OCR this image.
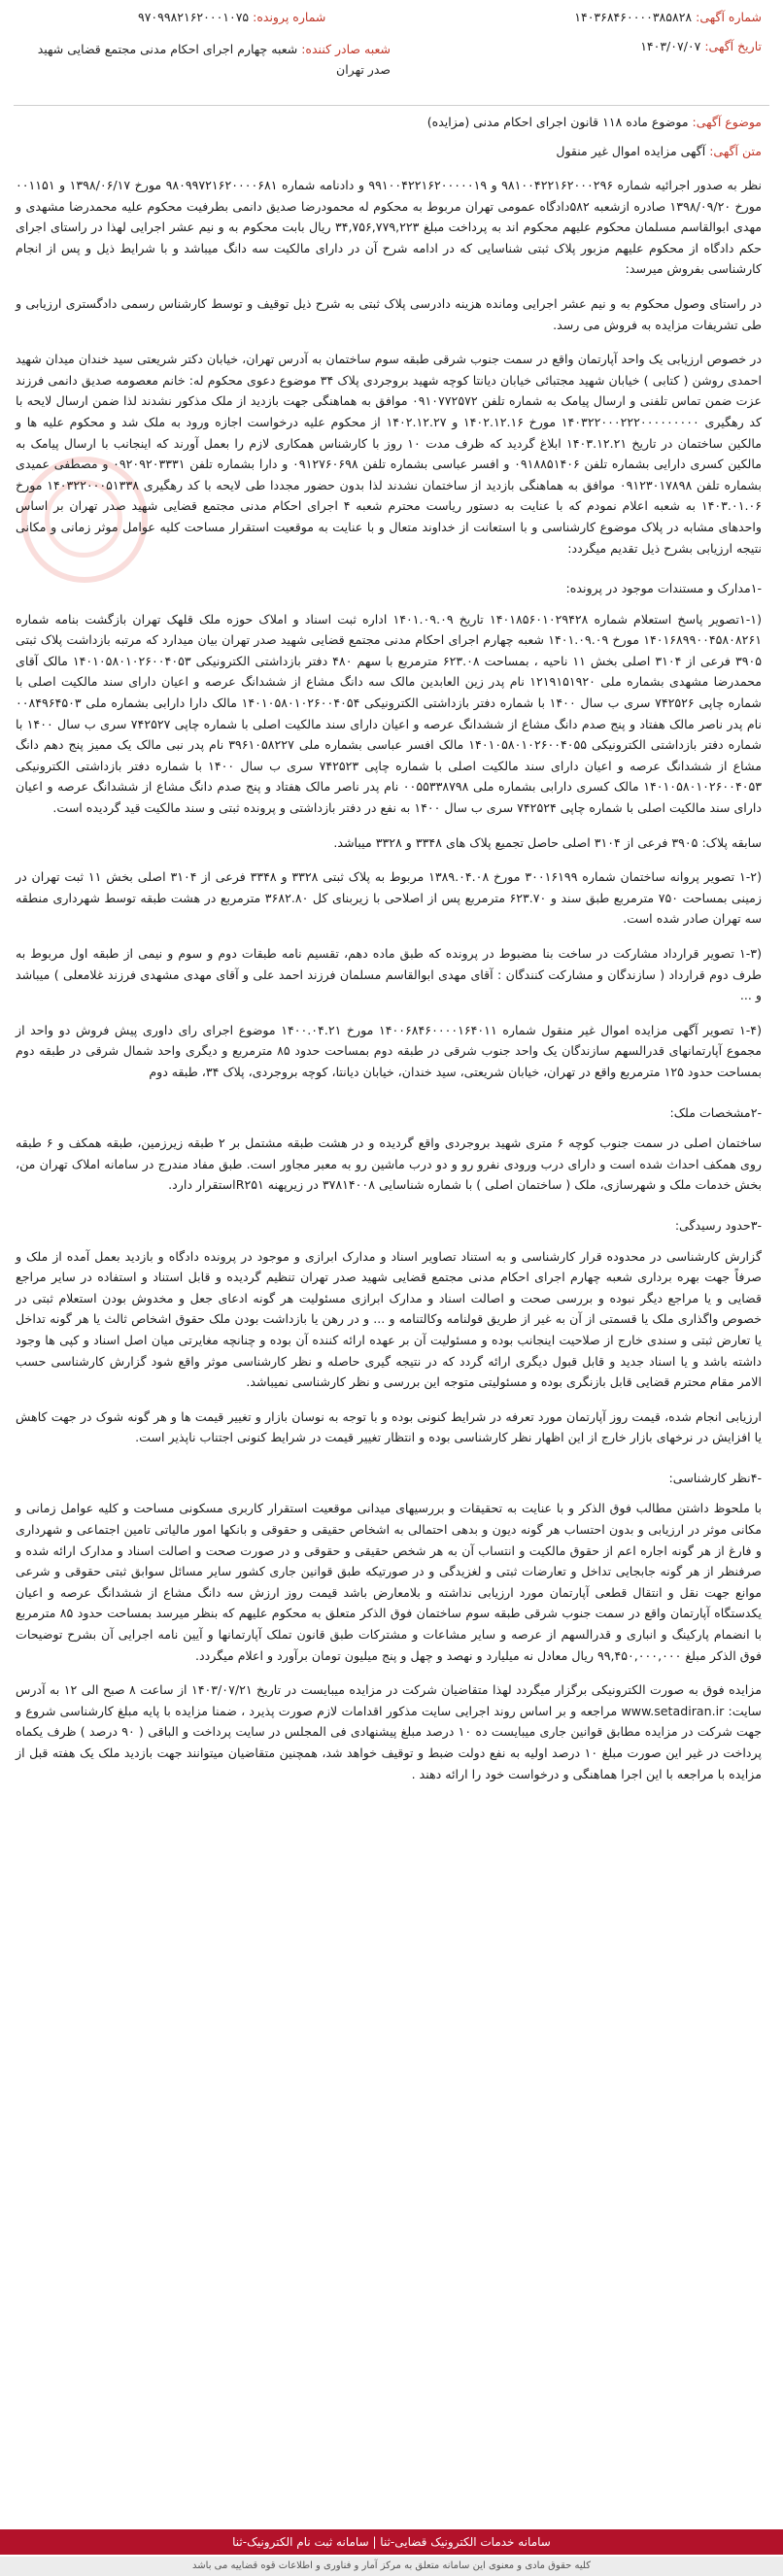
شماره آگهی: ۱۴۰۳۶۸۴۶۰۰۰۰۳۸۵۸۲۸
شماره پرونده: ۹۷۰۹۹۸۲۱۶۲۰۰۰۱۰۷۵
تاریخ آگهی: ۱۴۰۳/۰۷/۰۷
شعبه صادر کننده: شعبه چهارم اجرای احکام مدنی مجتمع قضایی شهید صدر تهران
موضوع آگهی: موضوع ماده ۱۱۸ قانون اجرای احکام مدنی (مزایده)
متن آگهی: آگهی مزایده اموال غیر منقول

نظر به صدور اجرائیه شماره ۹۸۱۰۰۴۲۲۱۶۲۰۰۰۲۹۶ و ۹۹۱۰۰۴۲۲۱۶۲۰۰۰۰۰۱۹ و دادنامه شماره ۹۸۰۹۹۷۲۱۶۲۰۰۰۰۶۸۱ مورخ ۱۳۹۸/۰۶/۱۷ و ۰۰۱۱۵۱ مورخ ۱۳۹۸/۰۹/۲۰ صادره ازشعبه ۵۸۲دادگاه عمومی تهران مربوط به محکوم له محمودرضا صدیق دانمی بطرفیت محکوم علیه محمدرضا مشهدی و مهدی ابوالقاسم مسلمان محکوم علیهم محکوم اند به پرداخت مبلغ ۳۴,۷۵۶,۷۷۹,۲۲۳ ریال بابت محکوم به و نیم عشر اجرایی لهذا در راستای اجرای حکم دادگاه از محکوم علیهم مزبور پلاک ثبتی شناسایی که در ادامه شرح آن در دارای مالکیت سه دانگ میباشد و با شرایط ذیل و پس از انجام کارشناسی بفروش میرسد:

در راستای وصول محکوم به و نیم عشر اجرایی ومانده هزینه دادرسی پلاک ثبتی به شرح ذیل توقیف و توسط کارشناس رسمی دادگستری ارزیابی و طی تشریفات مزایده به فروش می رسد.

در خصوص ارزیابی یک واحد آپارتمان واقع در سمت جنوب شرقی طبقه سوم ساختمان به آدرس تهران، خیابان دکتر شریعتی سید خندان میدان شهید احمدی روشن ( کتابی ) خیابان شهید مجتبائی خیابان دیانتا کوچه شهید بروجردی پلاک ۳۴ موضوع دعوی محکوم له: خانم معصومه صدیق دانمی فرزند عزت ضمن تماس تلفنی و ارسال پیامک به شماره تلفن ۰۹۱۰۷۷۲۵۷۲ موافق به هماهنگی جهت بازدید از ملک مذکور نشدند لذا ضمن ارسال لایحه با کد رهگیری ۱۴۰۳۲۲۰۰۰۲۲۲۰۰۰۰۰۰۰۰۰ مورخ ۱۴۰۲.۱۲.۱۶ و ۱۴۰۲.۱۲.۲۷ از محکوم علیه درخواست اجازه ورود به ملک شد و محکوم علیه ها و مالکین ساختمان در تاریخ ۱۴۰۳.۱۲.۲۱ ابلاغ گردید که ظرف مدت ۱۰ روز با کارشناس همکاری لازم را بعمل آورند که اینجانب با ارسال پیامک به مالکین کسری دارایی بشماره تلفن ۰۹۱۸۸۵۱۴۰۶ و افسر عباسی بشماره تلفن ۰۹۱۲۷۶۰۶۹۸ و دارا بشماره تلفن ۰۹۲۰۹۲۰۳۳۳۱ و مصطفی عمیدی بشماره تلفن ۰۹۱۲۳۰۱۷۸۹۸ موافق به هماهنگی بازدید از ساختمان نشدند لذا بدون حضور مجددا طی لایحه با کد رهگیری ۱۴۰۳۲۲۰۰۰۵۱۳۳۸ مورخ ۱۴۰۳.۰۱.۰۶ به شعبه اعلام نمودم که با عنایت به دستور ریاست محترم شعبه ۴ اجرای احکام مدنی مجتمع قضایی شهید صدر تهران بر اساس واحدهای مشابه در پلاک موضوع کارشناسی و با استعانت از خداوند متعال و با عنایت به موقعیت استقرار مساحت کلیه عوامل موثر زمانی و مکانی نتیجه ارزیابی بشرح ذیل تقدیم میگردد:

-۱مدارک و مستندات موجود در پرونده:

(۱-۱تصویر پاسخ استعلام شماره ۱۴۰۱۸۵۶۰۱۰۲۹۴۲۸ تاریخ ۱۴۰۱.۰۹.۰۹ اداره ثبت اسناد و املاک حوزه ملک قلهک تهران بازگشت بنامه شماره ۱۴۰۱۶۸۹۹۰۰۴۵۸۰۸۲۶۱ مورخ ۱۴۰۱.۰۹.۰۹ شعبه چهارم اجرای احکام مدنی مجتمع قضایی شهید صدر تهران بیان میدارد که مرتبه بازداشت پلاک ثبتی ۳۹۰۵ فرعی از ۳۱۰۴ اصلی بخش ۱۱ ناحیه ، بمساحت ۶۲۳.۰۸ مترمربع با سهم ۴۸۰ دفتر بازداشتی الکترونیکی ۱۴۰۱۰۵۸۰۱۰۲۶۰۰۴۰۵۳ مالک آقای محمدرضا مشهدی بشماره ملی ۱۲۱۹۱۵۱۹۲۰ نام پدر زین العابدین مالک سه دانگ مشاع از ششدانگ عرصه و اعیان دارای سند مالکیت اصلی با شماره چاپی ۷۴۲۵۲۶ سری ب سال ۱۴۰۰ با شماره دفتر بازداشتی الکترونیکی ۱۴۰۱۰۵۸۰۱۰۲۶۰۰۴۰۵۴ مالک دارا دارابی بشماره ملی ۰۰۸۴۹۶۴۵۰۳ نام پدر ناصر مالک هفتاد و پنج صدم دانگ مشاع از ششدانگ عرصه و اعیان دارای سند مالکیت اصلی با شماره چاپی ۷۴۲۵۲۷ سری ب سال ۱۴۰۰ با شماره دفتر بازداشتی الکترونیکی ۱۴۰۱۰۵۸۰۱۰۲۶۰۰۴۰۵۵ مالک افسر عباسی بشماره ملی ۳۹۶۱۰۵۸۲۲۷ نام پدر نبی مالک یک ممیز پنج دهم دانگ مشاع از ششدانگ عرصه و اعیان دارای سند مالکیت اصلی با شماره چاپی ۷۴۲۵۲۳ سری ب سال ۱۴۰۰ با شماره دفتر بازداشتی الکترونیکی ۱۴۰۱۰۵۸۰۱۰۲۶۰۰۴۰۵۳ مالک کسری دارابی بشماره ملی ۰۰۵۵۳۳۸۷۹۸ نام پدر ناصر مالک هفتاد و پنج صدم دانگ مشاع از ششدانگ عرصه و اعیان دارای سند مالکیت اصلی با شماره چاپی ۷۴۲۵۲۴ سری ب سال ۱۴۰۰ به نفع در دفتر بازداشتی و پرونده ثبتی و سند مالکیت قید گردیده است.

سابقه پلاک: ۳۹۰۵ فرعی از ۳۱۰۴ اصلی حاصل تجمیع پلاک های ۳۳۴۸ و ۳۳۲۸ میباشد.

(۱-۲ تصویر پروانه ساختمان شماره ۳۰۰۱۶۱۹۹ مورخ ۱۳۸۹.۰۴.۰۸ مربوط به پلاک ثبتی ۳۳۲۸ و ۳۳۴۸ فرعی از ۳۱۰۴ اصلی بخش ۱۱ ثبت تهران در زمینی بمساحت ۷۵۰ مترمربع طبق سند و ۶۲۳.۷۰ مترمربع پس از اصلاحی با زیربنای کل ۳۶۸۲.۸۰ مترمربع در هشت طبقه توسط شهرداری منطقه سه تهران صادر شده است.

(۱-۳ تصویر قرارداد مشارکت در ساخت بنا مضبوط در پرونده که طبق ماده دهم، تقسیم نامه طبقات دوم و سوم و نیمی از طبقه اول مربوط به طرف دوم قرارداد ( سازندگان و مشارکت کنندگان : آقای مهدی ابوالقاسم مسلمان فرزند احمد علی و آقای مهدی مشهدی فرزند غلامعلی ) میباشد و ...

(۱-۴ تصویر آگهی مزایده اموال غیر منقول شماره ۱۴۰۰۶۸۴۶۰۰۰۰۱۶۴۰۱۱ مورخ ۱۴۰۰.۰۴.۲۱ موضوع اجرای رای داوری پیش فروش دو واحد از مجموع آپارتمانهای قدرالسهم سازندگان یک واحد جنوب شرقی در طبقه دوم بمساحت حدود ۸۵ مترمربع و دیگری واحد شمال شرقی در طبقه دوم بمساحت حدود ۱۲۵ مترمربع واقع در تهران، خیابان شریعتی، سید خندان، خیابان دیانتا، کوچه بروجردی، پلاک ۳۴، طبقه دوم

-۲مشخصات ملک:

ساختمان اصلی در سمت جنوب کوچه ۶ متری شهید بروجردی واقع گردیده و در هشت طبقه مشتمل بر ۲ طبقه زیرزمین، طبقه همکف و ۶ طبقه روی همکف احداث شده است و دارای درب ورودی نفرو رو و دو درب ماشین رو به معبر مجاور است. طبق مفاد مندرج در سامانه املاک تهران من، بخش خدمات ملک و شهرسازی، ملک ( ساختمان اصلی ) با شماره شناسایی ۳۷۸۱۴۰۰۸ در زیرپهنه R۲۵۱استقرار دارد.

-۳حدود رسیدگی:

گزارش کارشناسی در محدوده قرار کارشناسی و به استناد تصاویر اسناد و مدارک ابرازی و موجود در پرونده دادگاه و بازدید بعمل آمده از ملک و صرفاً جهت بهره برداری شعبه چهارم اجرای احکام مدنی مجتمع قضایی شهید صدر تهران تنظیم گردیده و قابل استناد و استفاده در سایر مراجع قضایی و یا مراجع دیگر نبوده و بررسی صحت و اصالت اسناد و مدارک ابرازی مسئولیت هر گونه ادعای جعل و مخدوش بودن استعلام ثبتی در خصوص واگذاری ملک یا قسمتی از آن به غیر از طریق قولنامه وکالتنامه و ... و در رهن یا بازداشت بودن ملک حقوق اشخاص ثالث یا هر گونه تداخل یا تعارض ثبتی و سندی خارج از صلاحیت اینجانب بوده و مسئولیت آن بر عهده ارائه کننده آن بوده و چنانچه مغایرتی میان اصل اسناد و کپی ها وجود داشته باشد و یا اسناد جدید و قابل قبول دیگری ارائه گردد که در نتیجه گیری حاصله و نظر کارشناسی موثر واقع شود گزارش کارشناسی حسب الامر مقام محترم قضایی قابل بازنگری بوده و مسئولیتی متوجه این بررسی و نظر کارشناسی نمیباشد.

ارزیابی انجام شده، قیمت روز آپارتمان مورد تعرفه در شرایط کنونی بوده و با توجه به نوسان بازار و تغییر قیمت ها و هر گونه شوک در جهت کاهش یا افزایش در نرخهای بازار خارج از این اظهار نظر کارشناسی بوده و انتظار تغییر قیمت در شرایط کنونی اجتناب ناپذیر است.

-۴نظر کارشناسی:

با ملحوظ داشتن مطالب فوق الذکر و با عنایت به تحقیقات و بررسیهای میدانی موقعیت استقرار کاربری مسکونی مساحت و کلیه عوامل زمانی و مکانی موثر در ارزیابی و بدون احتساب هر گونه دیون و بدهی احتمالی به اشخاص حقیقی و حقوقی و بانکها امور مالیاتی تامین اجتماعی و شهرداری و فارغ از هر گونه اجاره اعم از حقوق مالکیت و انتساب آن به هر شخص حقیقی و حقوقی و در صورت صحت و اصالت اسناد و مدارک ارائه شده و صرفنظر از هر گونه جابجایی تداخل و تعارضات ثبتی و لغزیدگی و در صورتیکه طبق قوانین جاری کشور سایر مسائل سوابق ثبتی حقوقی و شرعی موانع جهت نقل و انتقال قطعی آپارتمان مورد ارزیابی نداشته و بلامعارض باشد قیمت روز ارزش سه دانگ مشاع از ششدانگ عرصه و اعیان یکدستگاه آپارتمان واقع در سمت جنوب شرقی طبقه سوم ساختمان فوق الذکر متعلق به محکوم علیهم که بنظر میرسد بمساحت حدود ۸۵ مترمربع با انضمام پارکینگ و انباری و قدرالسهم از عرصه و سایر مشاعات و مشترکات طبق قانون تملک آپارتمانها و آیین نامه اجرایی آن بشرح توضیحات فوق الذکر مبلغ ۹۹,۴۵۰,۰۰۰,۰۰۰ ریال معادل نه میلیارد و نهصد و چهل و پنج میلیون تومان برآورد و اعلام میگردد.

مزایده فوق به صورت الکترونیکی برگزار میگردد لهذا متقاضیان شرکت در مزایده میبایست در تاریخ ۱۴۰۳/۰۷/۲۱ از ساعت ۸ صبح الی ۱۲ به آدرس سایت: www.setadiran.ir مراجعه و بر اساس روند اجرایی سایت مذکور اقدامات لازم صورت پذیرد ، ضمنا مزایده با پایه مبلغ کارشناسی شروع و جهت شرکت در مزایده مطابق قوانین جاری میبایست ده ۱۰ درصد مبلغ پیشنهادی فی المجلس در سایت پرداخت و الباقی ( ۹۰ درصد ) ظرف یکماه پرداخت در غیر این صورت مبلغ ۱۰ درصد اولیه به نفع دولت ضبط و توقیف خواهد شد، همچنین متقاضیان میتوانند جهت بازدید ملک یک هفته قبل از مزایده با مراجعه با این اجرا هماهنگی و درخواست خود را ارائه دهند .

سامانه خدمات الکترونیک قضایی-ثنا | سامانه ثبت نام الکترونیک-ثنا
کلیه حقوق مادی و معنوی این سامانه متعلق به مرکز آمار و فناوری و اطلاعات قوه قضاییه می باشد
